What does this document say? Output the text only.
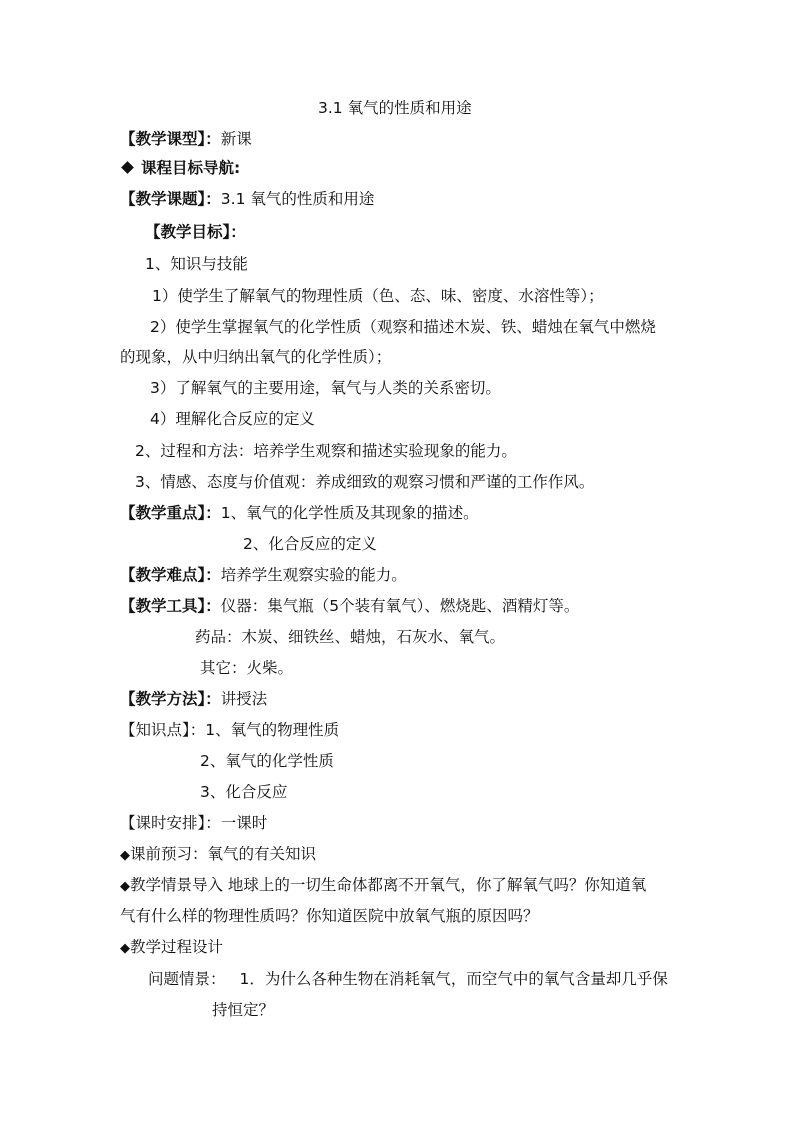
3.1 氧气的性质和用途
【教学课型】：新课
课程目标导航:
【教学课题】：3.1 氧气的性质和用途
【教学目标】：
1、知识与技能
1）使学生了解氧气的物理性质（色、态、味、密度、水溶性等）；
2）使学生掌握氧气的化学性质（观察和描述木炭、铁、蜡烛在氧气中燃烧
的现象，从中归纳出氧气的化学性质）；
3）了解氧气的主要用途，氧气与人类的关系密切。
4）理解化合反应的定义
2、过程和方法：培养学生观察和描述实验现象的能力。
3、情感、态度与价值观：养成细致的观察习惯和严谨的工作作风。
【教学重点】：1、氧气的化学性质及其现象的描述。
2、化合反应的定义
【教学难点】：培养学生观察实验的能力。
【教学工具】：仪器：集气瓶（5个装有氧气）、燃烧匙、酒精灯等。
药品：木炭、细铁丝、蜡烛，石灰水、氧气。
其它：火柴。
【教学方法】：讲授法
【知识点】：1、氧气的物理性质
2、氧气的化学性质
3、化合反应
【课时安排】：一课时
◆课前预习：氧气的有关知识
◆教学情景导入 地球上的一切生命体都离不开氧气，你了解氧气吗？你知道氧
气有什么样的物理性质吗？你知道医院中放氧气瓶的原因吗？
◆教学过程设计
问题情景： 1．为什么各种生物在消耗氧气，而空气中的氧气含量却几乎保
持恒定？
